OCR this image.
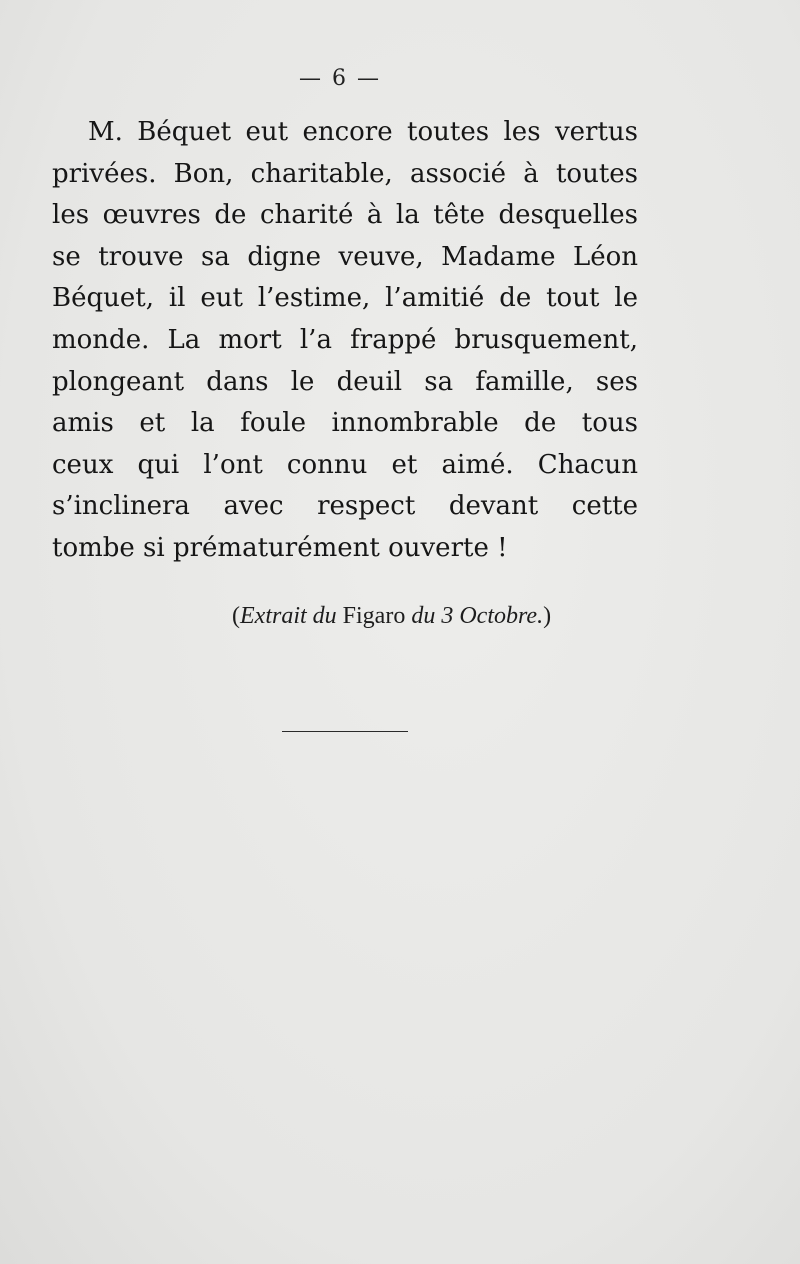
— 6 —
M. Béquet eut encore toutes les vertus
privées. Bon, charitable, associé à toutes
les œuvres de charité à la tête desquelles
se trouve sa digne veuve, Madame Léon
Béquet, il eut l’estime, l’amitié de tout le
monde. La mort l’a frappé brusquement,
plongeant dans le deuil sa famille, ses
amis et la foule innombrable de tous
ceux qui l’ont connu et aimé. Chacun
s’inclinera avec respect devant cette
tombe si prématurément ouverte !
(Extrait du Figaro du 3 Octobre.)
